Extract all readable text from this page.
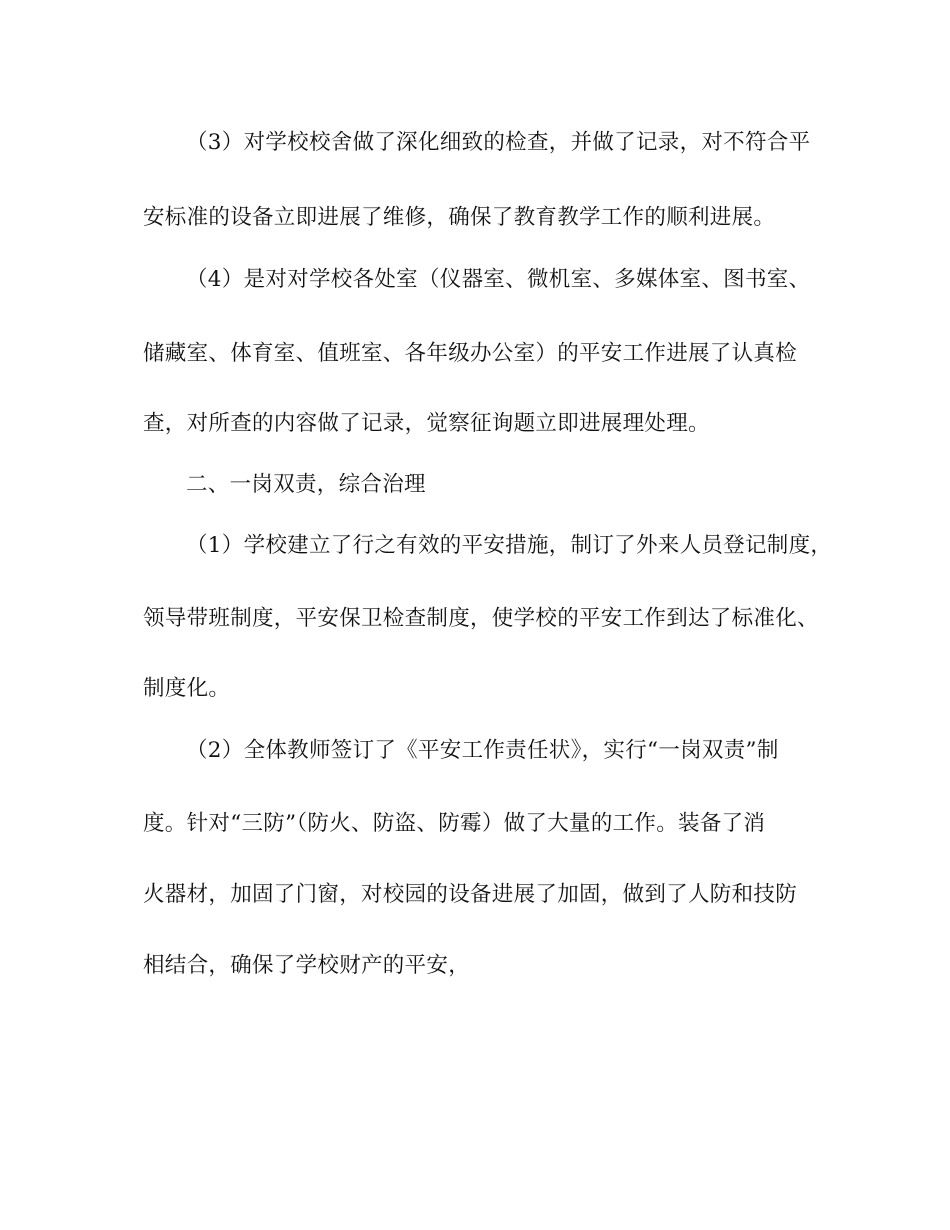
（3）对学校校舍做了深化细致的检查，并做了记录，对不符合平
安标准的设备立即进展了维修，确保了教育教学工作的顺利进展。
（4）是对对学校各处室（仪器室、微机室、多媒体室、图书室、
储藏室、体育室、值班室、各年级办公室）的平安工作进展了认真检
查，对所查的内容做了记录，觉察征询题立即进展理处理。
二、一岗双责，综合治理
（1）学校建立了行之有效的平安措施，制订了外来人员登记制度，
领导带班制度，平安保卫检查制度，使学校的平安工作到达了标准化、
制度化。
（2）全体教师签订了《平安工作责任状》，实行“一岗双责”制
度。针对“三防”（防火、防盗、防霉）做了大量的工作。装备了消
火器材，加固了门窗，对校园的设备进展了加固，做到了人防和技防
相结合，确保了学校财产的平安，
